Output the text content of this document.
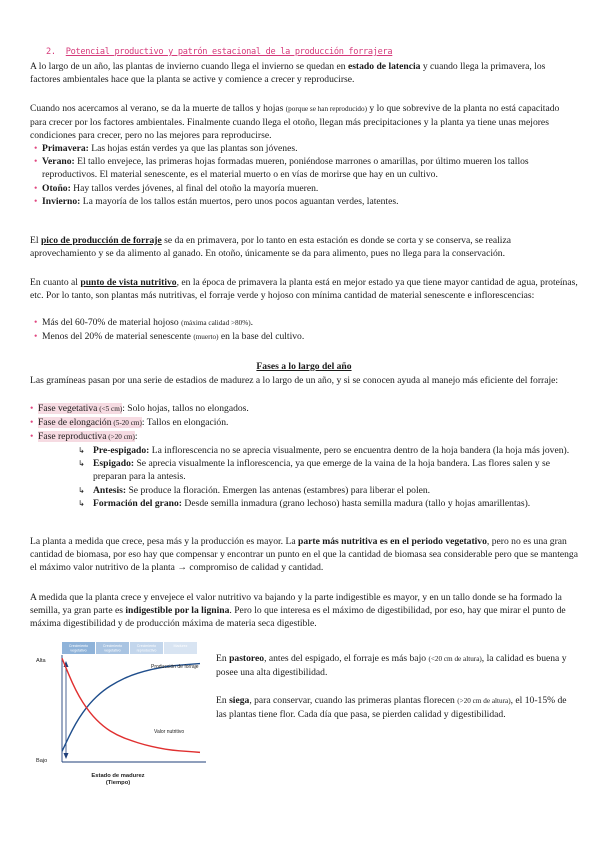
2. Potencial productivo y patrón estacional de la producción forrajera

A lo largo de un año, las plantas de invierno cuando llega el invierno se quedan en estado de latencia y cuando llega la primavera, los factores ambientales hace que la planta se active y comience a crecer y reproducirse.

Cuando nos acercamos al verano, se da la muerte de tallos y hojas (porque se han reproducido) y lo que sobrevive de la planta no está capacitado para crecer por los factores ambientales. Finalmente cuando llega el otoño, llegan más precipitaciones y la planta ya tiene unas mejores condiciones para crecer, pero no las mejores para reproducirse.

• Primavera: Las hojas están verdes ya que las plantas son jóvenes.
• Verano: El tallo envejece, las primeras hojas formadas mueren, poniéndose marrones o amarillas, por último mueren los tallos reproductivos. El material senescente, es el material muerto o en vías de morirse que hay en un cultivo.
• Otoño: Hay tallos verdes jóvenes, al final del otoño la mayoría mueren.
• Invierno: La mayoría de los tallos están muertos, pero unos pocos aguantan verdes, latentes.

El pico de producción de forraje se da en primavera, por lo tanto en esta estación es donde se corta y se conserva, se realiza aprovechamiento y se da alimento al ganado. En otoño, únicamente se da para alimento, pues no llega para la conservación.

En cuanto al punto de vista nutritivo, en la época de primavera la planta está en mejor estado ya que tiene mayor cantidad de agua, proteínas, etc. Por lo tanto, son plantas más nutritivas, el forraje verde y hojoso con mínima cantidad de material senescente e inflorescencias:

• Más del 60-70% de material hojoso (máxima calidad >80%).
• Menos del 20% de material senescente (muerto) en la base del cultivo.

Fases a lo largo del año

Las gramíneas pasan por una serie de estadios de madurez a lo largo de un año, y si se conocen ayuda al manejo más eficiente del forraje:

• Fase vegetativa (<5 cm): Solo hojas, tallos no elongados.
• Fase de elongación (5-20 cm): Tallos en elongación.
• Fase reproductiva (>20 cm):
↳ Pre-espigado: La inflorescencia no se aprecia visualmente, pero se encuentra dentro de la hoja bandera (la hoja más joven).
↳ Espigado: Se aprecia visualmente la inflorescencia, ya que emerge de la vaina de la hoja bandera. Las flores salen y se preparan para la antesis.
↳ Antesis: Se produce la floración. Emergen las antenas (estambres) para liberar el polen.
↳ Formación del grano: Desde semilla inmadura (grano lechoso) hasta semilla madura (tallo y hojas amarillentas).

La planta a medida que crece, pesa más y la producción es mayor. La parte más nutritiva es en el periodo vegetativo, pero no es una gran cantidad de biomasa, por eso hay que compensar y encontrar un punto en el que la cantidad de biomasa sea considerable pero que se mantenga el máximo valor nutritivo de la planta → compromiso de calidad y cantidad.

A medida que la planta crece y envejece el valor nutritivo va bajando y la parte indigestible es mayor, y en un tallo donde se ha formado la semilla, ya gran parte es indigestible por la lignina. Pero lo que interesa es el máximo de digestibilidad, por eso, hay que mirar el punto de máxima digestibilidad y de producción máxima de materia seca digestible.

Alta
Bajo
Estado de madurez
(Tiempo)
Crecimiento
vegetativo
Crecimiento
vegetativo
Crecimiento
reproductivo
Madurez
Producción de forraje
Valor nutritivo

En pastoreo, antes del espigado, el forraje es más bajo (<20 cm de altura), la calidad es buena y posee una alta digestibilidad.

En siega, para conservar, cuando las primeras plantas florecen (>20 cm de altura), el 10-15% de las plantas tiene flor. Cada día que pasa, se pierden calidad y digestibilidad.
